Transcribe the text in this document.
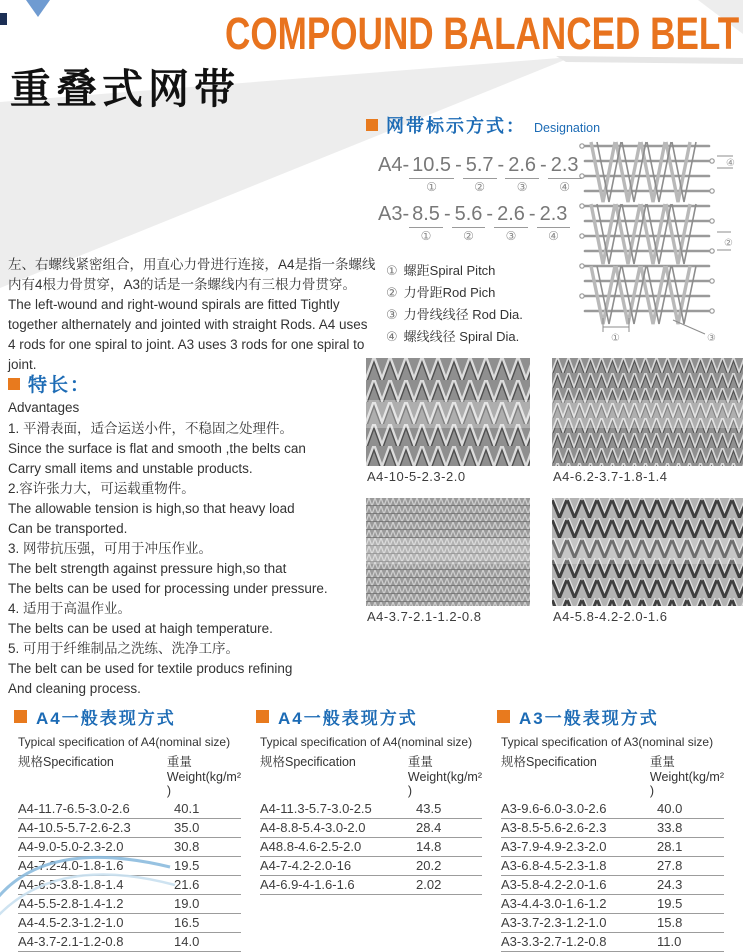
COMPOUND BALANCED BELT
重叠式网带
左、右螺线紧密组合，用直心力骨进行连接，A4是指一条螺线内有4根力骨贯穿，A3的话是一条螺线内有三根力骨贯穿。
The left-wound and right-wound spirals are fitted Tightly together althernately and jointed with straight Rods. A4 uses 4 rods for one spiral to joint. A3 uses 3 rods for one spiral to joint.
网带标示方式： Designation
A4- 10.5
①
- 5.7
②
- 2.6
③
- 2.3
④
A3- 8.5
①
- 5.6
②
- 2.6
③
- 2.3
④
① 螺距Spiral Pitch
② 力骨距Rod Pich
③ 力骨线线径 Rod Dia.
④ 螺线线径 Spiral Dia.
④
②
①	③
特长：
Advantages
1. 平滑表面，适合运送小件，不稳固之处理件。
Since the surface is flat and smooth ,the belts can
Carry small items and unstable products.
2.容许张力大，可运载重物件。
The allowable tension is high,so that heavy load
Can be transported.
3. 网带抗压强，可用于冲压作业。
The belt strength against pressure high,so that
The belts can be used for processing under pressure.
4. 适用于高温作业。
The belts can be used at haigh temperature.
5. 可用于纤维制品之洗练、洗净工序。
The belt can be used for textile producs refining
And cleaning process.
A4-10-5-2.3-2.0	A4-6.2-3.7-1.8-1.4
A4-3.7-2.1-1.2-0.8	A4-5.8-4.2-2.0-1.6
A4一般表现方式
Typical specification of A4(nominal size)
规格Specification	重量Weight(kg/m² )
A4-11.7-6.5-3.0-2.6	40.1
A4-10.5-5.7-2.6-2.3	35.0
A4-9.0-5.0-2.3-2.0	30.8
A4-7.2-4.0-1.8-1.6	19.5
A4-6.5-3.8-1.8-1.4	21.6
A4-5.5-2.8-1.4-1.2	19.0
A4-4.5-2.3-1.2-1.0	16.5
A4-3.7-2.1-1.2-0.8	14.0
A4一般表现方式
Typical specification of A4(nominal size)
规格Specification	重量Weight(kg/m² )
A4-11.3-5.7-3.0-2.5	43.5
A4-8.8-5.4-3.0-2.0	28.4
A48.8-4.6-2.5-2.0	14.8
A4-7-4.2-2.0-16	20.2
A4-6.9-4-1.6-1.6	2.02
A3一般表现方式
Typical specification of A3(nominal size)
规格Specification	重量Weight(kg/m² )
A3-9.6-6.0-3.0-2.6	40.0
A3-8.5-5.6-2.6-2.3	33.8
A3-7.9-4.9-2.3-2.0	28.1
A3-6.8-4.5-2.3-1.8	27.8
A3-5.8-4.2-2.0-1.6	24.3
A3-4.4-3.0-1.6-1.2	19.5
A3-3.7-2.3-1.2-1.0	15.8
A3-3.3-2.7-1.2-0.8	11.0
